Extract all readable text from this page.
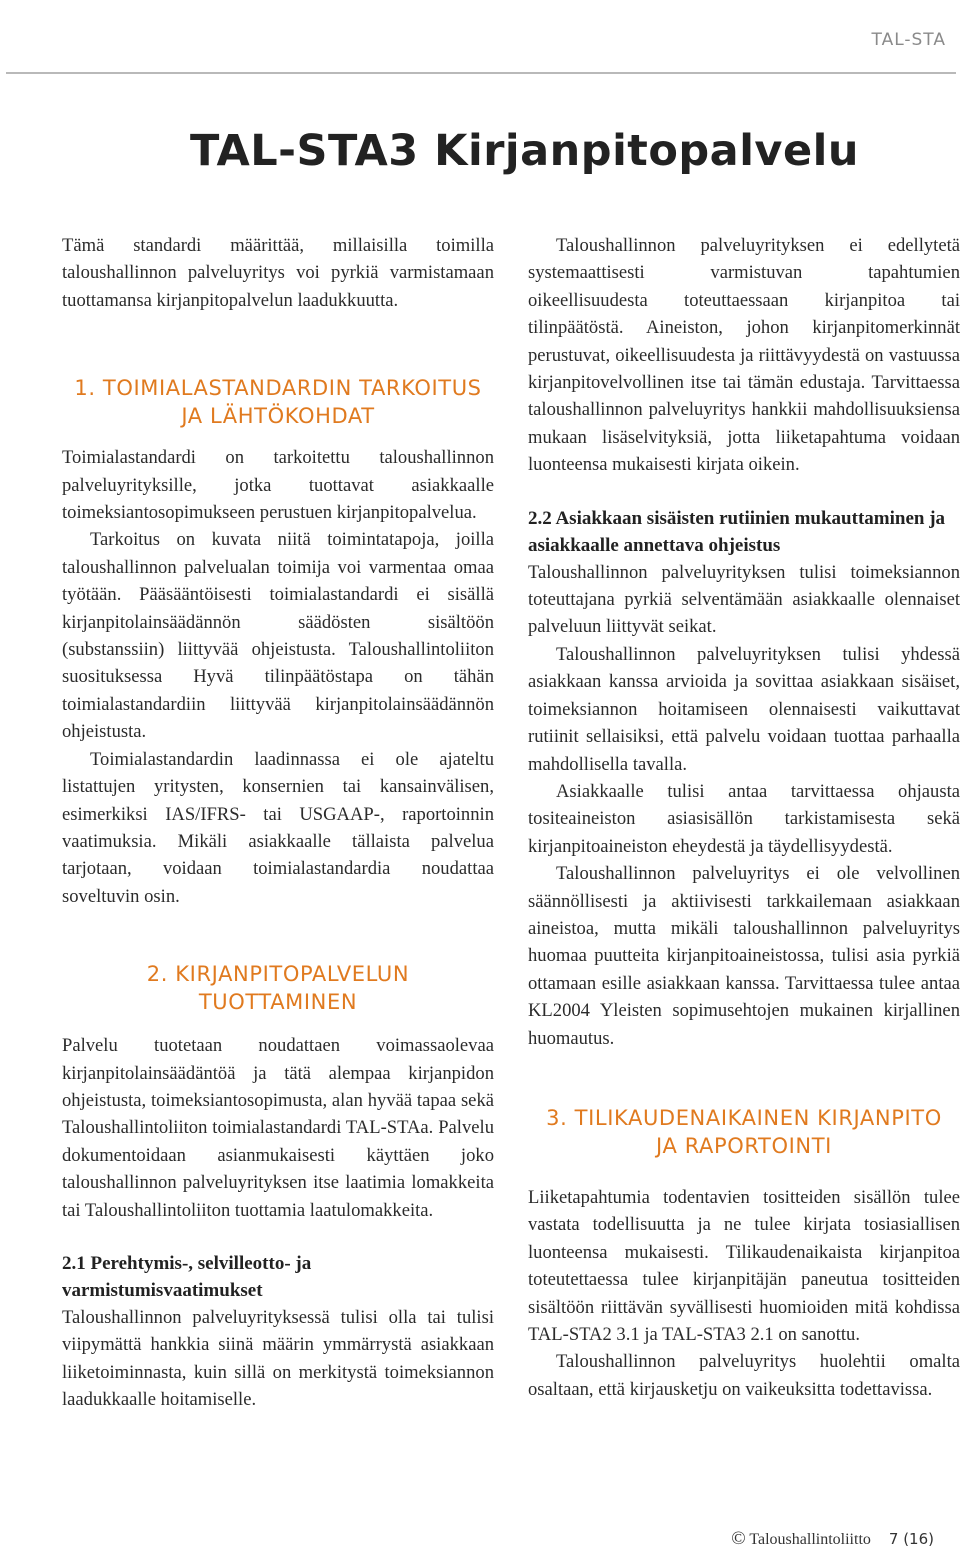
TAL-STA
TAL-STA3 Kirjanpitopalvelu

Tämä standardi määrittää, millaisilla toimilla taloushallinnon palveluyritys voi pyrkiä varmistamaan tuottamansa kirjanpitopalvelun laadukkuutta.

1. TOIMIALASTANDARDIN TARKOITUS
JA LÄHTÖKOHDAT

Toimialastandardi on tarkoitettu taloushallinnon palveluyrityksille, jotka tuottavat asiakkaalle toimeksiantosopimukseen perustuen kirjanpitopalvelua.

Tarkoitus on kuvata niitä toimintatapoja, joilla taloushallinnon palvelualan toimija voi varmentaa omaa työtään. Pääsääntöisesti toimialastandardi ei sisällä kirjanpitolainsäädännön säädösten sisältöön (substanssiin) liittyvää ohjeistusta. Taloushallintoliiton suosituksessa Hyvä tilinpäätöstapa on tähän toimialastandardiin liittyvää kirjanpitolainsäädännön ohjeistusta.

Toimialastandardin laadinnassa ei ole ajateltu listattujen yritysten, konsernien tai kansainvälisen, esimerkiksi IAS/IFRS- tai USGAAP-, raportoinnin vaatimuksia. Mikäli asiakkaalle tällaista palvelua tarjotaan, voidaan toimialastandardia noudattaa soveltuvin osin.

2. KIRJANPITOPALVELUN
TUOTTAMINEN

Palvelu tuotetaan noudattaen voimassaolevaa kirjanpitolainsäädäntöä ja tätä alempaa kirjanpidon ohjeistusta, toimeksiantosopimusta, alan hyvää tapaa sekä Taloushallintoliiton toimialastandardi TAL-STAa. Palvelu dokumentoidaan asianmukaisesti käyttäen joko taloushallinnon palveluyrityksen itse laatimia lomakkeita tai Taloushallintoliiton tuottamia laatulomakkeita.

2.1 Perehtymis-, selvilleotto- ja varmistumisvaatimukset

Taloushallinnon palveluyrityksessä tulisi olla tai tulisi viipymättä hankkia siinä määrin ymmärrystä asiakkaan liiketoiminnasta, kuin sillä on merkitystä toimeksiannon laadukkaalle hoitamiselle.

Taloushallinnon palveluyrityksen ei edellytetä systemaattisesti varmistuvan tapahtumien oikeellisuudesta toteuttaessaan kirjanpitoa tai tilinpäätöstä. Aineiston, johon kirjanpitomerkinnät perustuvat, oikeellisuudesta ja riittävyydestä on vastuussa kirjanpitovelvollinen itse tai tämän edustaja. Tarvittaessa taloushallinnon palveluyritys hankkii mahdollisuuksiensa mukaan lisäselvityksiä, jotta liiketapahtuma voidaan luonteensa mukaisesti kirjata oikein.

2.2 Asiakkaan sisäisten rutiinien mukauttaminen ja asiakkaalle annettava ohjeistus

Taloushallinnon palveluyrityksen tulisi toimeksiannon toteuttajana pyrkiä selventämään asiakkaalle olennaiset palveluun liittyvät seikat.

Taloushallinnon palveluyrityksen tulisi yhdessä asiakkaan kanssa arvioida ja sovittaa asiakkaan sisäiset, toimeksiannon hoitamiseen olennaisesti vaikuttavat rutiinit sellaisiksi, että palvelu voidaan tuottaa parhaalla mahdollisella tavalla.

Asiakkaalle tulisi antaa tarvittaessa ohjausta tositeaineiston asiasisällön tarkistamisesta sekä kirjanpitoaineiston eheydestä ja täydellisyydestä.

Taloushallinnon palveluyritys ei ole velvollinen säännöllisesti ja aktiivisesti tarkkailemaan asiakkaan aineistoa, mutta mikäli taloushallinnon palveluyritys huomaa puutteita kirjanpitoaineistossa, tulisi asia pyrkiä ottamaan esille asiakkaan kanssa. Tarvittaessa tulee antaa KL2004 Yleisten sopimusehtojen mukainen kirjallinen huomautus.

3. TILIKAUDENAIKAINEN KIRJANPITO
JA RAPORTOINTI

Liiketapahtumia todentavien tositteiden sisällön tulee vastata todellisuutta ja ne tulee kirjata tosiasiallisen luonteensa mukaisesti. Tilikaudenaikaista kirjanpitoa toteutettaessa tulee kirjanpitäjän paneutua tositteiden sisältöön riittävän syvällisesti huomioiden mitä kohdissa TAL-STA2 3.1 ja TAL-STA3 2.1 on sanottu.

Taloushallinnon palveluyritys huolehtii omalta osaltaan, että kirjausketju on vaikeuksitta todettavissa.

© Taloushallintoliitto 7 (16)
